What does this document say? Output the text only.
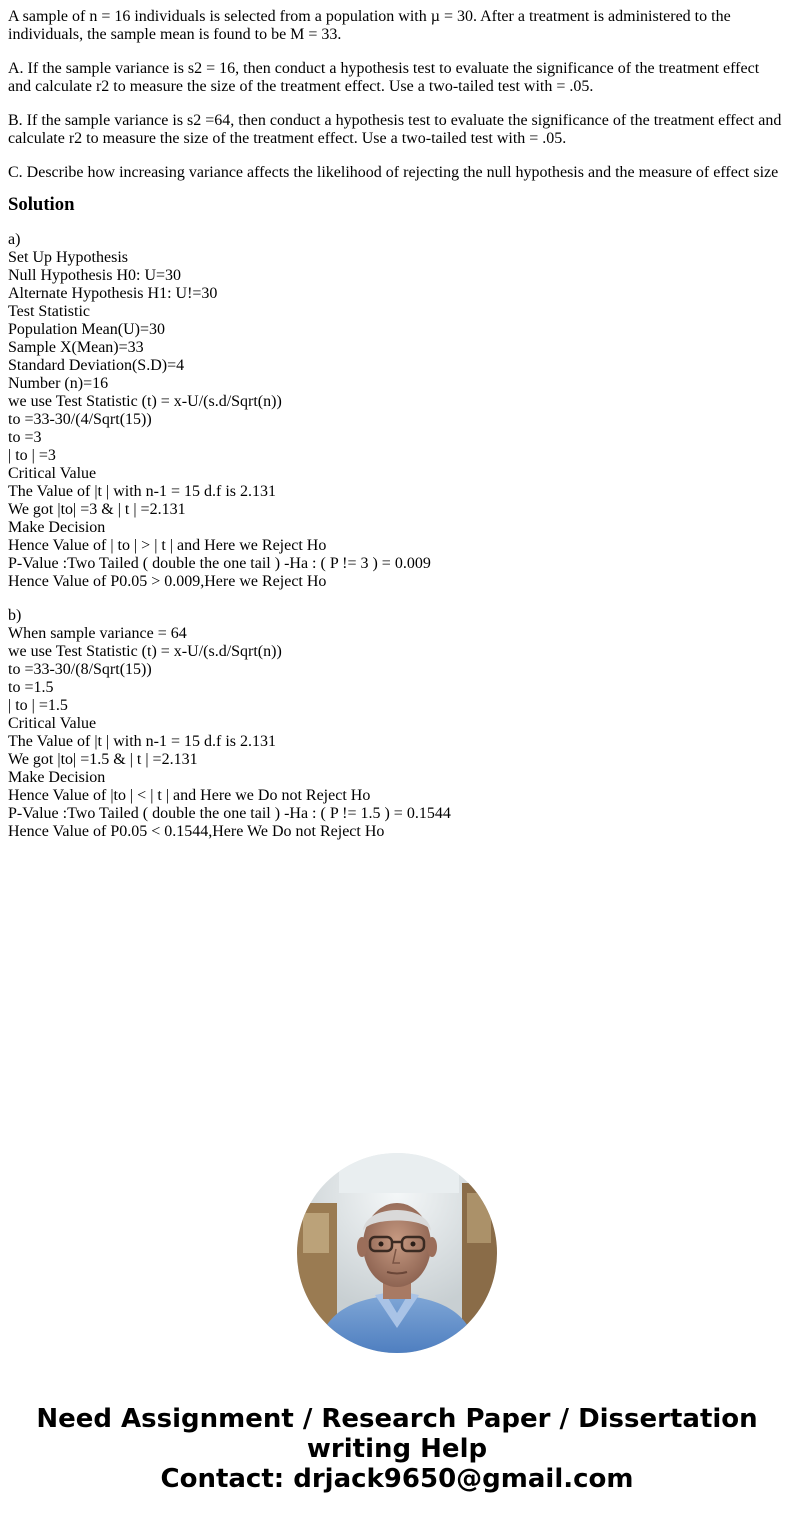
A sample of n = 16 individuals is selected from a population with µ = 30. After a treatment is administered to the individuals, the sample mean is found to be M = 33.

A. If the sample variance is s2 = 16, then conduct a hypothesis test to evaluate the significance of the treatment effect and calculate r2 to measure the size of the treatment effect. Use a two-tailed test with = .05.

B. If the sample variance is s2 =64, then conduct a hypothesis test to evaluate the significance of the treatment effect and calculate r2 to measure the size of the treatment effect. Use a two-tailed test with = .05.

C. Describe how increasing variance affects the likelihood of rejecting the null hypothesis and the measure of effect size

Solution
a)
Set Up Hypothesis
Null Hypothesis H0: U=30
Alternate Hypothesis H1: U!=30
Test Statistic
Population Mean(U)=30
Sample X(Mean)=33
Standard Deviation(S.D)=4
Number (n)=16
we use Test Statistic (t) = x-U/(s.d/Sqrt(n))
to =33-30/(4/Sqrt(15))
to =3
| to | =3
Critical Value
The Value of |t | with n-1 = 15 d.f is 2.131
We got |to| =3 & | t | =2.131
Make Decision
Hence Value of | to | > | t | and Here we Reject Ho
P-Value :Two Tailed ( double the one tail ) -Ha : ( P != 3 ) = 0.009
Hence Value of P0.05 > 0.009,Here we Reject Ho
b)
When sample variance = 64
we use Test Statistic (t) = x-U/(s.d/Sqrt(n))
to =33-30/(8/Sqrt(15))
to =1.5
| to | =1.5
Critical Value
The Value of |t | with n-1 = 15 d.f is 2.131
We got |to| =1.5 & | t | =2.131
Make Decision
Hence Value of |to | < | t | and Here we Do not Reject Ho
P-Value :Two Tailed ( double the one tail ) -Ha : ( P != 1.5 ) = 0.1544
Hence Value of P0.05 < 0.1544,Here We Do not Reject Ho
Need Assignment / Research Paper / Dissertation
writing Help
Contact: drjack9650@gmail.com
